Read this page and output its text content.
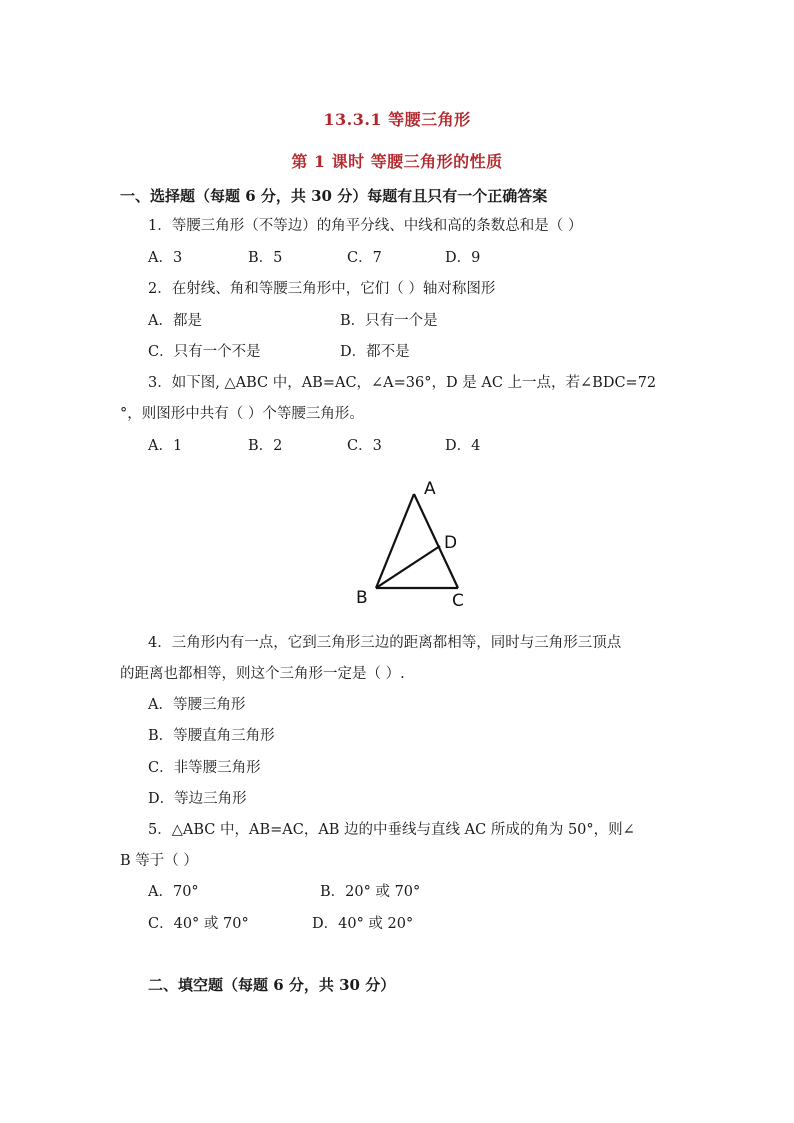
13.3.1 等腰三角形
第 1 课时 等腰三角形的性质
一、选择题（每题 6 分，共 30 分）每题有且只有一个正确答案
1．等腰三角形（不等边）的角平分线、中线和高的条数总和是（ ）
A．3	B．5	C．7	D．9
2．在射线、角和等腰三角形中，它们（ ）轴对称图形
A．都是	B．只有一个是
C．只有一个不是	D．都不是
3．如下图, △ABC 中，AB=AC，∠A=36°，D 是 AC 上一点，若∠BDC=72
°，则图形中共有（ ）个等腰三角形。
A．1	B．2	C．3	D．4
A
D
B	C
4．三角形内有一点，它到三角形三边的距离都相等，同时与三角形三顶点
的距离也都相等，则这个三角形一定是（ ）.
A．等腰三角形
B．等腰直角三角形
C．非等腰三角形
D．等边三角形
5．△ABC 中，AB=AC，AB 边的中垂线与直线 AC 所成的角为 50°，则∠
B 等于（ ）
A．70°	B．20° 或 70°
C．40° 或 70°	D．40° 或 20°
二、填空题（每题 6 分，共 30 分）
